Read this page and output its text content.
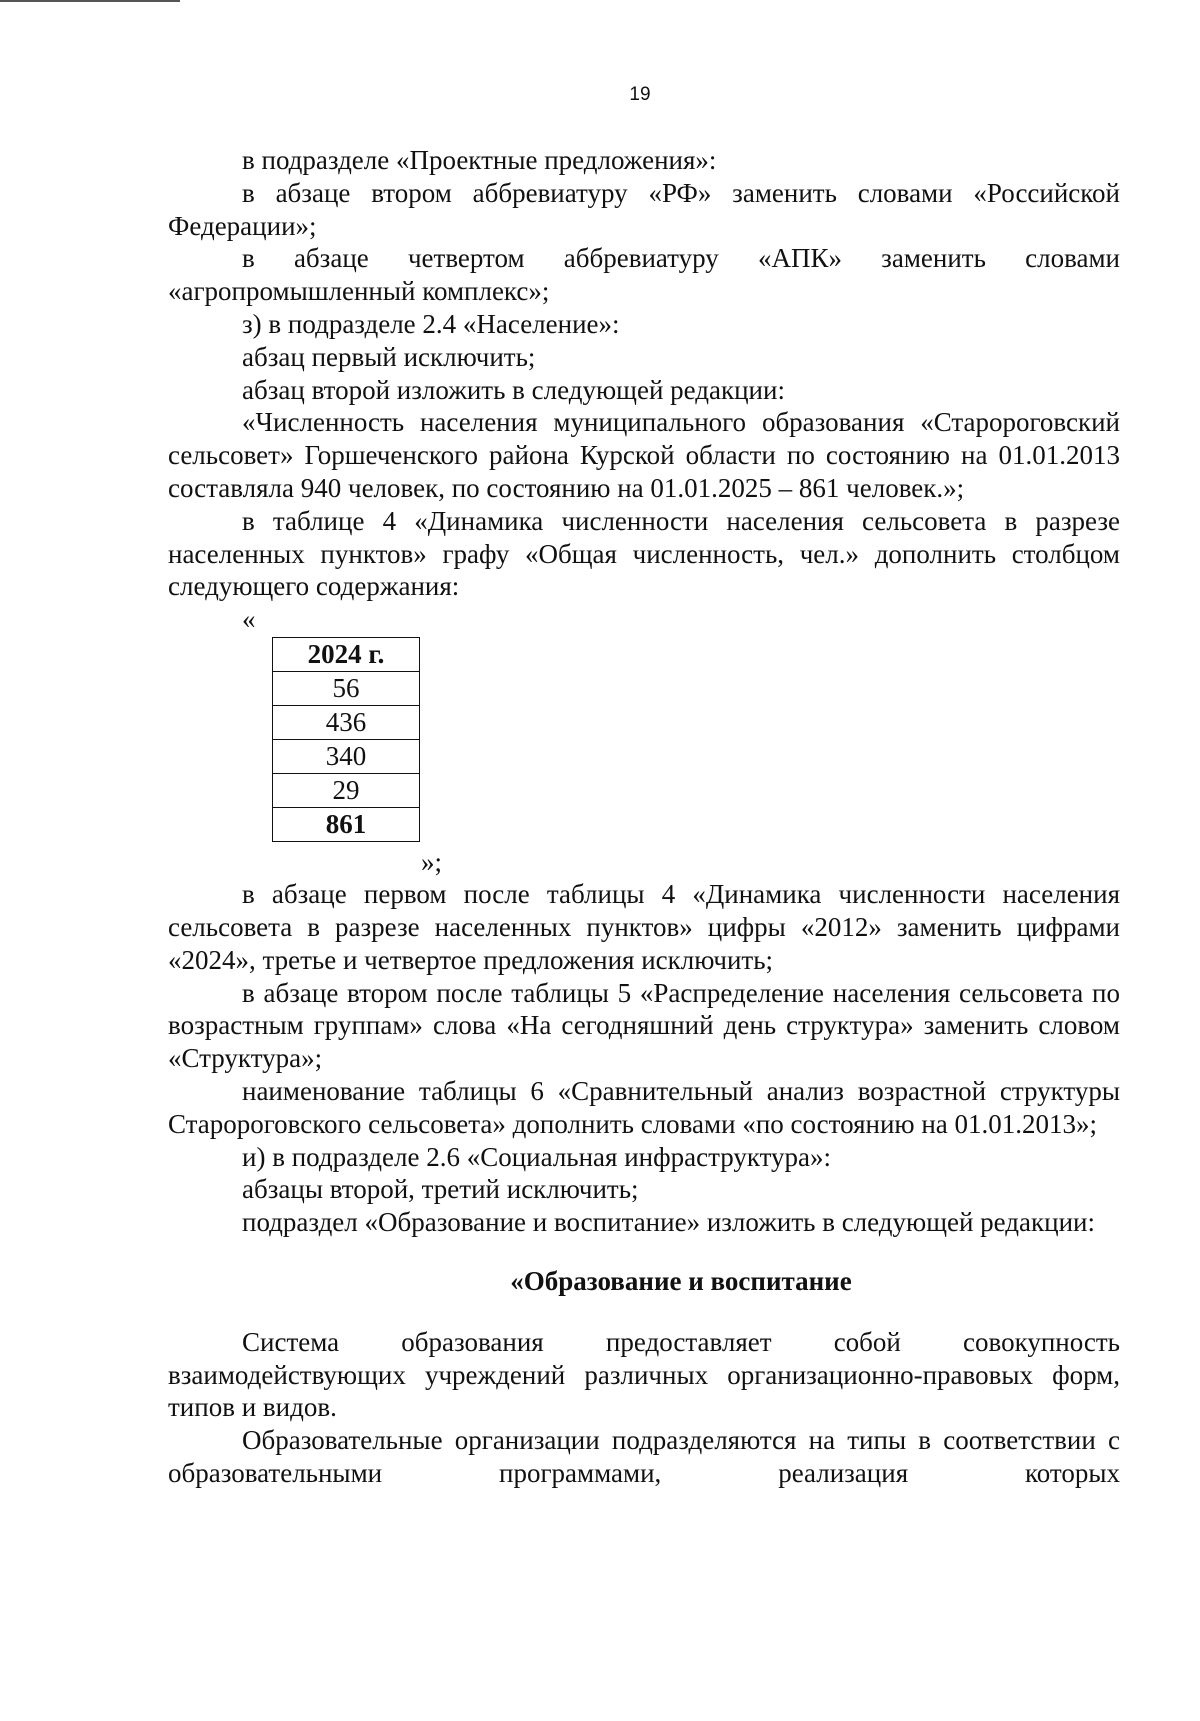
19

в подразделе «Проектные предложения»:

в абзаце втором аббревиатуру «РФ» заменить словами «Российской Федерации»;

в абзаце четвертом аббревиатуру «АПК» заменить словами «агропромышленный комплекс»;

з) в подразделе 2.4 «Население»:

абзац первый исключить;

абзац второй изложить в следующей редакции:

«Численность населения муниципального образования «Старороговский сельсовет» Горшеченского района Курской области по состоянию на 01.01.2013 составляла 940 человек, по состоянию на 01.01.2025 – 861 человек.»;

в таблице 4 «Динамика численности населения сельсовета в разрезе населенных пунктов» графу «Общая численность, чел.» дополнить столбцом следующего содержания:

«

2024 г.
56
436
340
29
861

»;

в абзаце первом после таблицы 4 «Динамика численности населения сельсовета в разрезе населенных пунктов» цифры «2012» заменить цифрами «2024», третье и четвертое предложения исключить;

в абзаце втором после таблицы 5 «Распределение населения сельсовета по возрастным группам» слова «На сегодняшний день структура» заменить словом «Структура»;

наименование таблицы 6 «Сравнительный анализ возрастной структуры Старороговского сельсовета» дополнить словами «по состоянию на 01.01.2013»;

и) в подразделе 2.6 «Социальная инфраструктура»:

абзацы второй, третий исключить;

подраздел «Образование и воспитание» изложить в следующей редакции:

«Образование и воспитание

Система образования предоставляет собой совокупность взаимодействующих учреждений различных организационно-правовых форм, типов и видов.

Образовательные организации подразделяются на типы в соответствии с образовательными программами, реализация которых
